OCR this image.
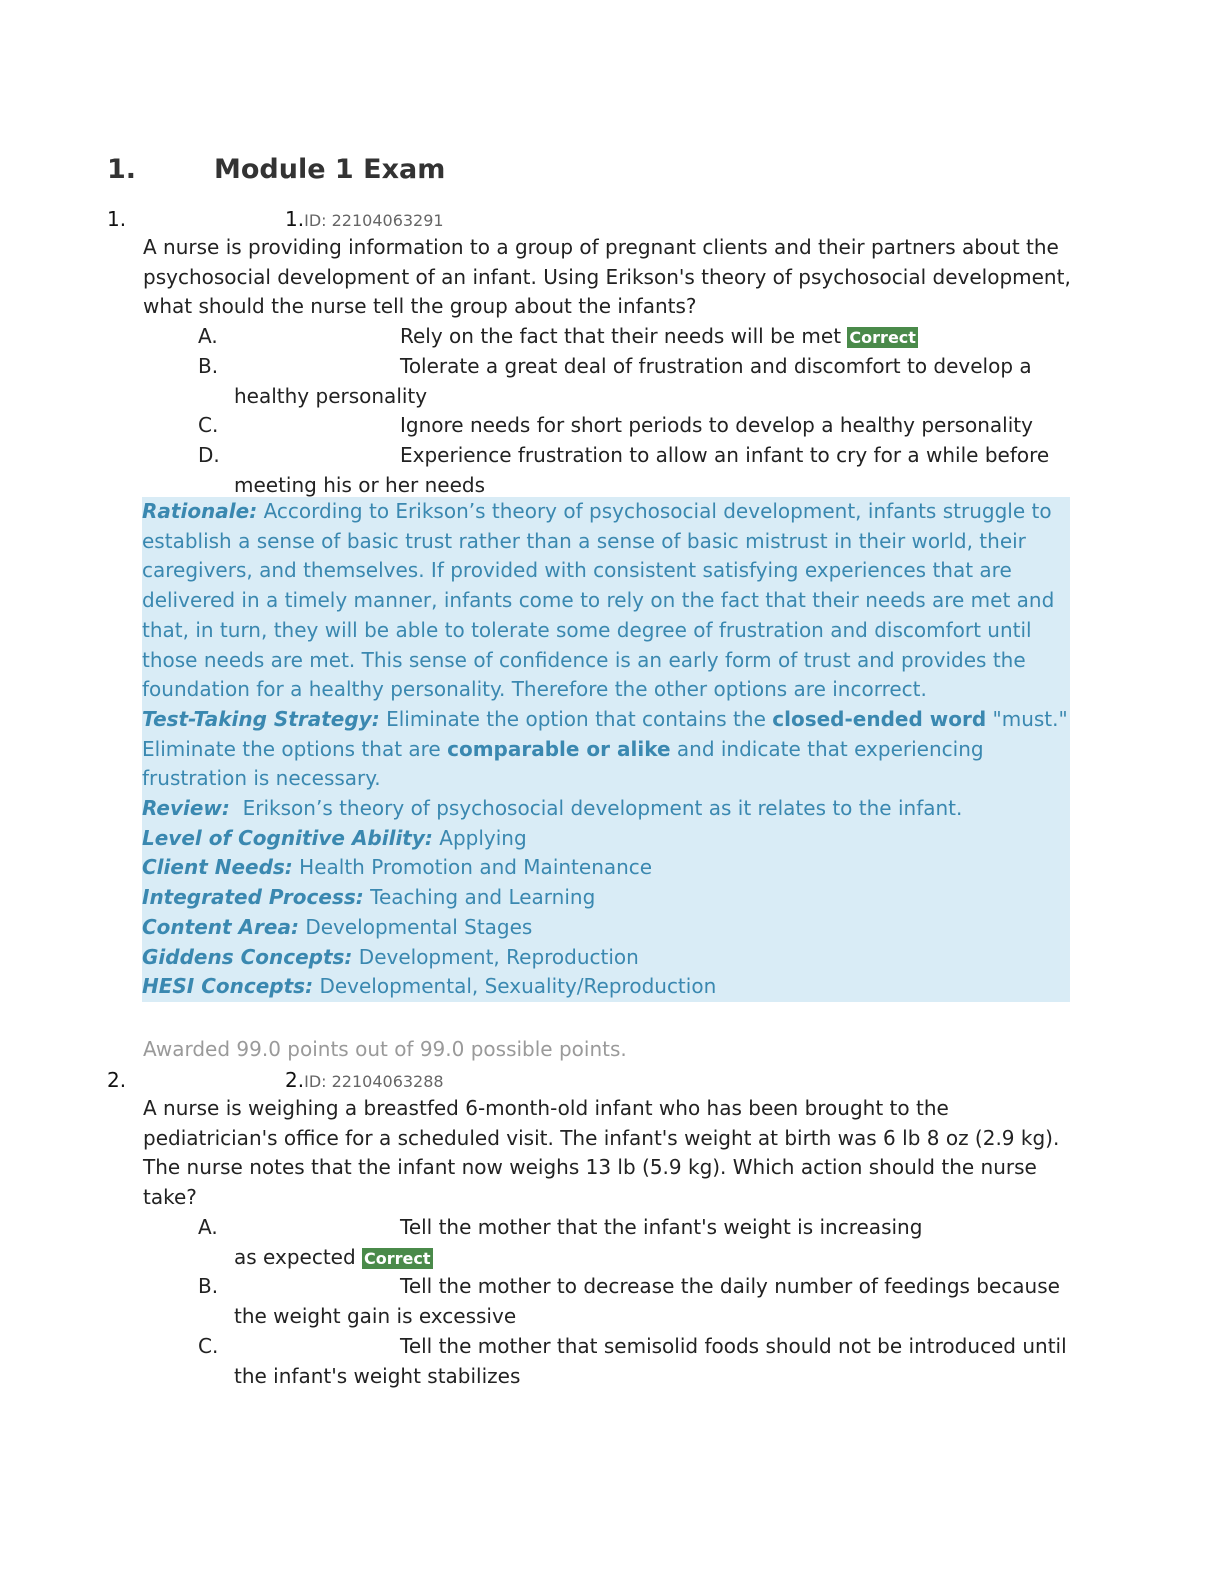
1.	Module 1 Exam
1.	1.ID: 22104063291
A nurse is providing information to a group of pregnant clients and their partners about the psychosocial development of an infant. Using Erikson's theory of psychosocial development, what should the nurse tell the group about the infants?
A.	Rely on the fact that their needs will be met Correct
B.	Tolerate a great deal of frustration and discomfort to develop a healthy personality
C.	Ignore needs for short periods to develop a healthy personality
D.	Experience frustration to allow an infant to cry for a while before meeting his or her needs

Rationale: According to Erikson’s theory of psychosocial development, infants struggle to establish a sense of basic trust rather than a sense of basic mistrust in their world, their caregivers, and themselves. If provided with consistent satisfying experiences that are delivered in a timely manner, infants come to rely on the fact that their needs are met and that, in turn, they will be able to tolerate some degree of frustration and discomfort until those needs are met. This sense of confidence is an early form of trust and provides the foundation for a healthy personality. Therefore the other options are incorrect.

Test-Taking Strategy: Eliminate the option that contains the closed-ended word "must." Eliminate the options that are comparable or alike and indicate that experiencing frustration is necessary.

Review: Erikson’s theory of psychosocial development as it relates to the infant.

Level of Cognitive Ability: Applying

Client Needs: Health Promotion and Maintenance

Integrated Process: Teaching and Learning

Content Area: Developmental Stages

Giddens Concepts: Development, Reproduction

HESI Concepts: Developmental, Sexuality/Reproduction

Awarded 99.0 points out of 99.0 possible points.
2.	2.ID: 22104063288
A nurse is weighing a breastfed 6-month-old infant who has been brought to the pediatrician's office for a scheduled visit. The infant's weight at birth was 6 lb 8 oz (2.9 kg). The nurse notes that the infant now weighs 13 lb (5.9 kg). Which action should the nurse take?
A.	Tell the mother that the infant's weight is increasing as expected Correct
B.	Tell the mother to decrease the daily number of feedings because the weight gain is excessive
C.	Tell the mother that semisolid foods should not be introduced until the infant's weight stabilizes
